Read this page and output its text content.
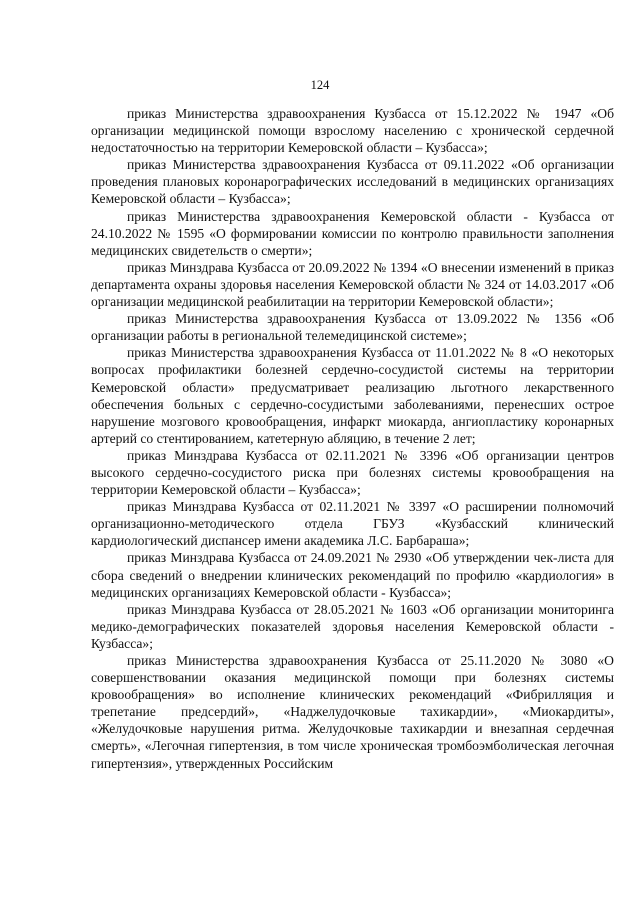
124

приказ Министерства здравоохранения Кузбасса от 15.12.2022 № 1947 «Об организации медицинской помощи взрослому населению с хронической сердечной недостаточностью на территории Кемеровской области – Кузбасса»;

приказ Министерства здравоохранения Кузбасса от 09.11.2022 «Об организации проведения плановых коронарографических исследований в медицинских организациях Кемеровской области – Кузбасса»;

приказ Министерства здравоохранения Кемеровской области - Кузбасса от 24.10.2022 № 1595 «О формировании комиссии по контролю правильности заполнения медицинских свидетельств о смерти»;

приказ Минздрава Кузбасса от 20.09.2022 № 1394 «О внесении изменений в приказ департамента охраны здоровья населения Кемеровской области № 324 от 14.03.2017 «Об организации медицинской реабилитации на территории Кемеровской области»;

приказ Министерства здравоохранения Кузбасса от 13.09.2022 № 1356 «Об организации работы в региональной телемедицинской системе»;

приказ Министерства здравоохранения Кузбасса от 11.01.2022 № 8 «О некоторых вопросах профилактики болезней сердечно-сосудистой системы на территории Кемеровской области» предусматривает реализацию льготного лекарственного обеспечения больных с сердечно-сосудистыми заболеваниями, перенесших острое нарушение мозгового кровообращения, инфаркт миокарда, ангиопластику коронарных артерий со стентированием, катетерную абляцию, в течение 2 лет;

приказ Минздрава Кузбасса от 02.11.2021 № 3396 «Об организации центров высокого сердечно-сосудистого риска при болезнях системы кровообращения на территории Кемеровской области – Кузбасса»;

приказ Минздрава Кузбасса от 02.11.2021 № 3397 «О расширении полномочий организационно-методического отдела ГБУЗ «Кузбасский клинический кардиологический диспансер имени академика Л.С. Барбараша»;

приказ Минздрава Кузбасса от 24.09.2021 № 2930 «Об утверждении чек-листа для сбора сведений о внедрении клинических рекомендаций по профилю «кардиология» в медицинских организациях Кемеровской области - Кузбасса»;

приказ Минздрава Кузбасса от 28.05.2021 № 1603 «Об организации мониторинга медико-демографических показателей здоровья населения Кемеровской области - Кузбасса»;

приказ Министерства здравоохранения Кузбасса от 25.11.2020 № 3080 «О совершенствовании оказания медицинской помощи при болезнях системы кровообращения» во исполнение клинических рекомендаций «Фибрилляция и трепетание предсердий», «Наджелудочковые тахикардии», «Миокардиты», «Желудочковые нарушения ритма. Желудочковые тахикардии и внезапная сердечная смерть», «Легочная гипертензия, в том числе хроническая тромбоэмболическая легочная гипертензия», утвержденных Российским
